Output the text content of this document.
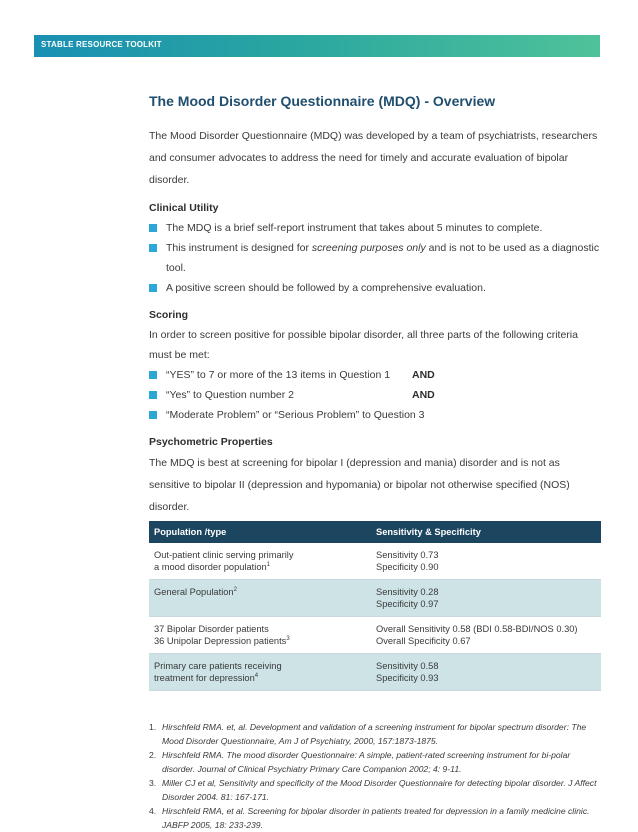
STABLE RESOURCE TOOLKIT
The Mood Disorder Questionnaire (MDQ) - Overview

The Mood Disorder Questionnaire (MDQ) was developed by a team of psychiatrists, researchers and consumer advocates to address the need for timely and accurate evaluation of bipolar disorder.

Clinical Utility
The MDQ is a brief self-report instrument that takes about 5 minutes to complete.
This instrument is designed for screening purposes only and is not to be used as a diagnostic tool.
A positive screen should be followed by a comprehensive evaluation.
Scoring

In order to screen positive for possible bipolar disorder, all three parts of the following criteria must be met:

“YES” to 7 or more of the 13 items in Question 1 AND
“Yes” to Question number 2	AND
“Moderate Problem” or “Serious Problem” to Question 3
Psychometric Properties

The MDQ is best at screening for bipolar I (depression and mania) disorder and is not as sensitive to bipolar II (depression and hypomania) or bipolar not otherwise specified (NOS) disorder.

Population /type	Sensitivity & Specificity

Out-patient clinic serving primarily
a mood disorder population$^1$	Sensitivity 0.73
Specificity 0.90

General Population$^2$	Sensitivity 0.28
Specificity 0.97

37 Bipolar Disorder patients
36 Unipolar Depression patients$^3$	Overall Sensitivity 0.58 (BDI 0.58-BDI/NOS 0.30)
Overall Specificity 0.67

Primary care patients receiving
treatment for depression$^4$	Sensitivity 0.58
Specificity 0.93
1. Hirschfeld RMA. et, al. Development and validation of a screening instrument for bipolar spectrum disorder: The Mood Disorder Questionnaire, Am J of Psychiatry, 2000, 157:1873-1875.
2. Hirschfeld RMA. The mood disorder Questionnaire: A simple, patient-rated screening instrument for bi-polar disorder. Journal of Clinical Psychiatry Primary Care Companion 2002; 4: 9-11.
3. Miller CJ et al, Sensitivity and specificity of the Mood Disorder Questionnaire for detecting bipolar disorder. J Affect Disorder 2004. 81: 167-171.
4. Hirschfeld RMA, et al. Screening for bipolar disorder in patients treated for depression in a family medicine clinic. JABFP 2005, 18: 233-239.
